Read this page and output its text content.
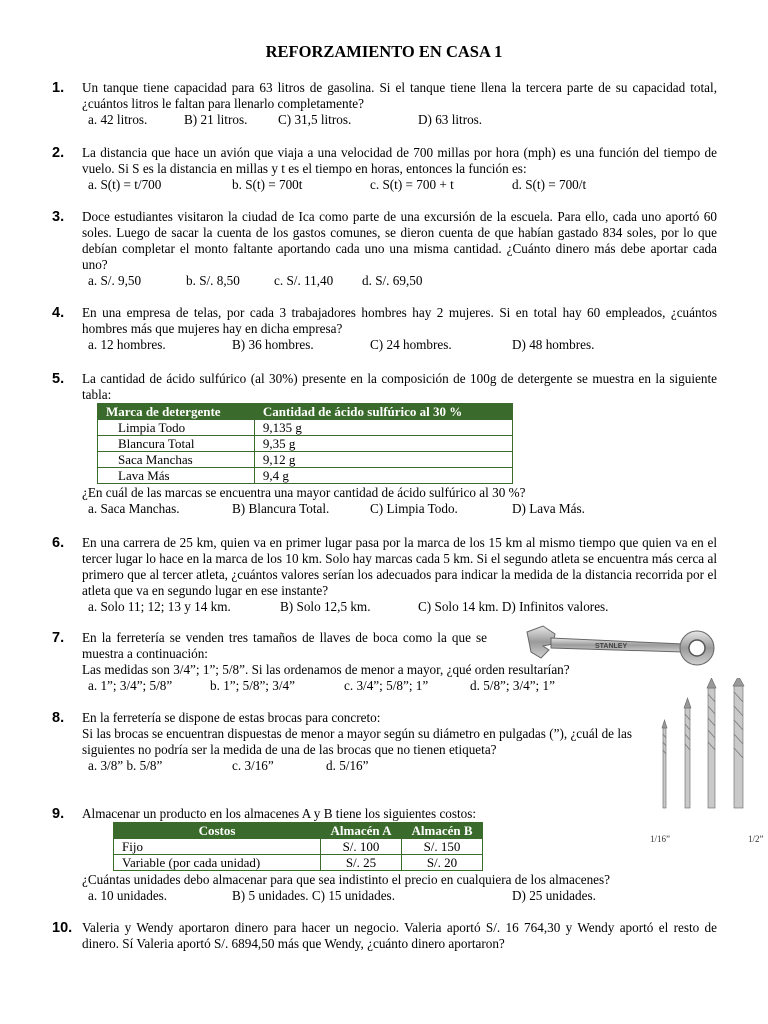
REFORZAMIENTO EN CASA 1
1. Un tanque tiene capacidad para 63 litros de gasolina. Si el tanque tiene llena la tercera parte de su capacidad total, ¿cuántos litros le faltan para llenarlo completamente?
a. 42 litros.	B) 21 litros. C) 31,5 litros.	D) 63 litros.
2. La distancia que hace un avión que viaja a una velocidad de 700 millas por hora (mph) es una función del tiempo de vuelo. Si S es la distancia en millas y t es el tiempo en horas, entonces la función es:
a. S(t) = t/700	b. S(t) = 700t	c. S(t) = 700 + t	d. S(t) = 700/t
3. Doce estudiantes visitaron la ciudad de Ica como parte de una excursión de la escuela. Para ello, cada uno aportó 60 soles. Luego de sacar la cuenta de los gastos comunes, se dieron cuenta de que habían gastado 834 soles, por lo que debían completar el monto faltante aportando cada uno una misma cantidad. ¿Cuánto dinero más debe aportar cada uno?
a. S/. 9,50	b. S/. 8,50	c. S/. 11,40 d. S/. 69,50
4. En una empresa de telas, por cada 3 trabajadores hombres hay 2 mujeres. Si en total hay 60 empleados, ¿cuántos hombres más que mujeres hay en dicha empresa?
a. 12 hombres.	B) 36 hombres.	C) 24 hombres.	D) 48 hombres.
5. La cantidad de ácido sulfúrico (al 30%) presente en la composición de 100g de detergente se muestra en la siguiente tabla:
Marca de detergente	Cantidad de ácido sulfúrico al 30 %
Limpia Todo	9,135 g
Blancura Total	9,35 g
Saca Manchas	9,12 g
Lava Más	9,4 g
¿En cuál de las marcas se encuentra una mayor cantidad de ácido sulfúrico al 30 %?
a. Saca Manchas.	B) Blancura Total.	C) Limpia Todo.	D) Lava Más.
6. En una carrera de 25 km, quien va en primer lugar pasa por la marca de los 15 km al mismo tiempo que quien va en el tercer lugar lo hace en la marca de los 10 km. Solo hay marcas cada 5 km. Si el segundo atleta se encuentra más cerca al primero que al tercer atleta, ¿cuántos valores serían los adecuados para indicar la medida de la distancia recorrida por el atleta que va en segundo lugar en ese instante?
a. Solo 11; 12; 13 y 14 km.	B) Solo 12,5 km.	C) Solo 14 km. D) Infinitos valores.
7. En la ferretería se venden tres tamaños de llaves de boca como la que se muestra a continuación:
Las medidas son 3/4”; 1”; 5/8”. Si las ordenamos de menor a mayor, ¿qué orden resultarían?
a. 1”; 3/4”; 5/8”	b. 1”; 5/8”; 3/4”	c. 3/4”; 5/8”; 1”	d. 5/8”; 3/4”; 1”
STANLEY
1/16”	1/2”
8. En la ferretería se dispone de estas brocas para concreto:
Si las brocas se encuentran dispuestas de menor a mayor según su diámetro en pulgadas (”), ¿cuál de las siguientes no podría ser la medida de una de las brocas que no tienen etiqueta?
a. 3/8” b. 5/8”	c. 3/16”	d. 5/16”
9. Almacenar un producto en los almacenes A y B tiene los siguientes costos:
Costos	Almacén A	Almacén B
Fijo	S/. 100	S/. 150
Variable (por cada unidad)	S/. 25	S/. 20
¿Cuántas unidades debo almacenar para que sea indistinto el precio en cualquiera de los almacenes?
a. 10 unidades.	B) 5 unidades. C) 15 unidades.	D) 25 unidades.
10. Valeria y Wendy aportaron dinero para hacer un negocio. Valeria aportó S/. 16 764,30 y Wendy aportó el resto de dinero. Sí Valeria aportó S/. 6894,50 más que Wendy, ¿cuánto dinero aportaron?
